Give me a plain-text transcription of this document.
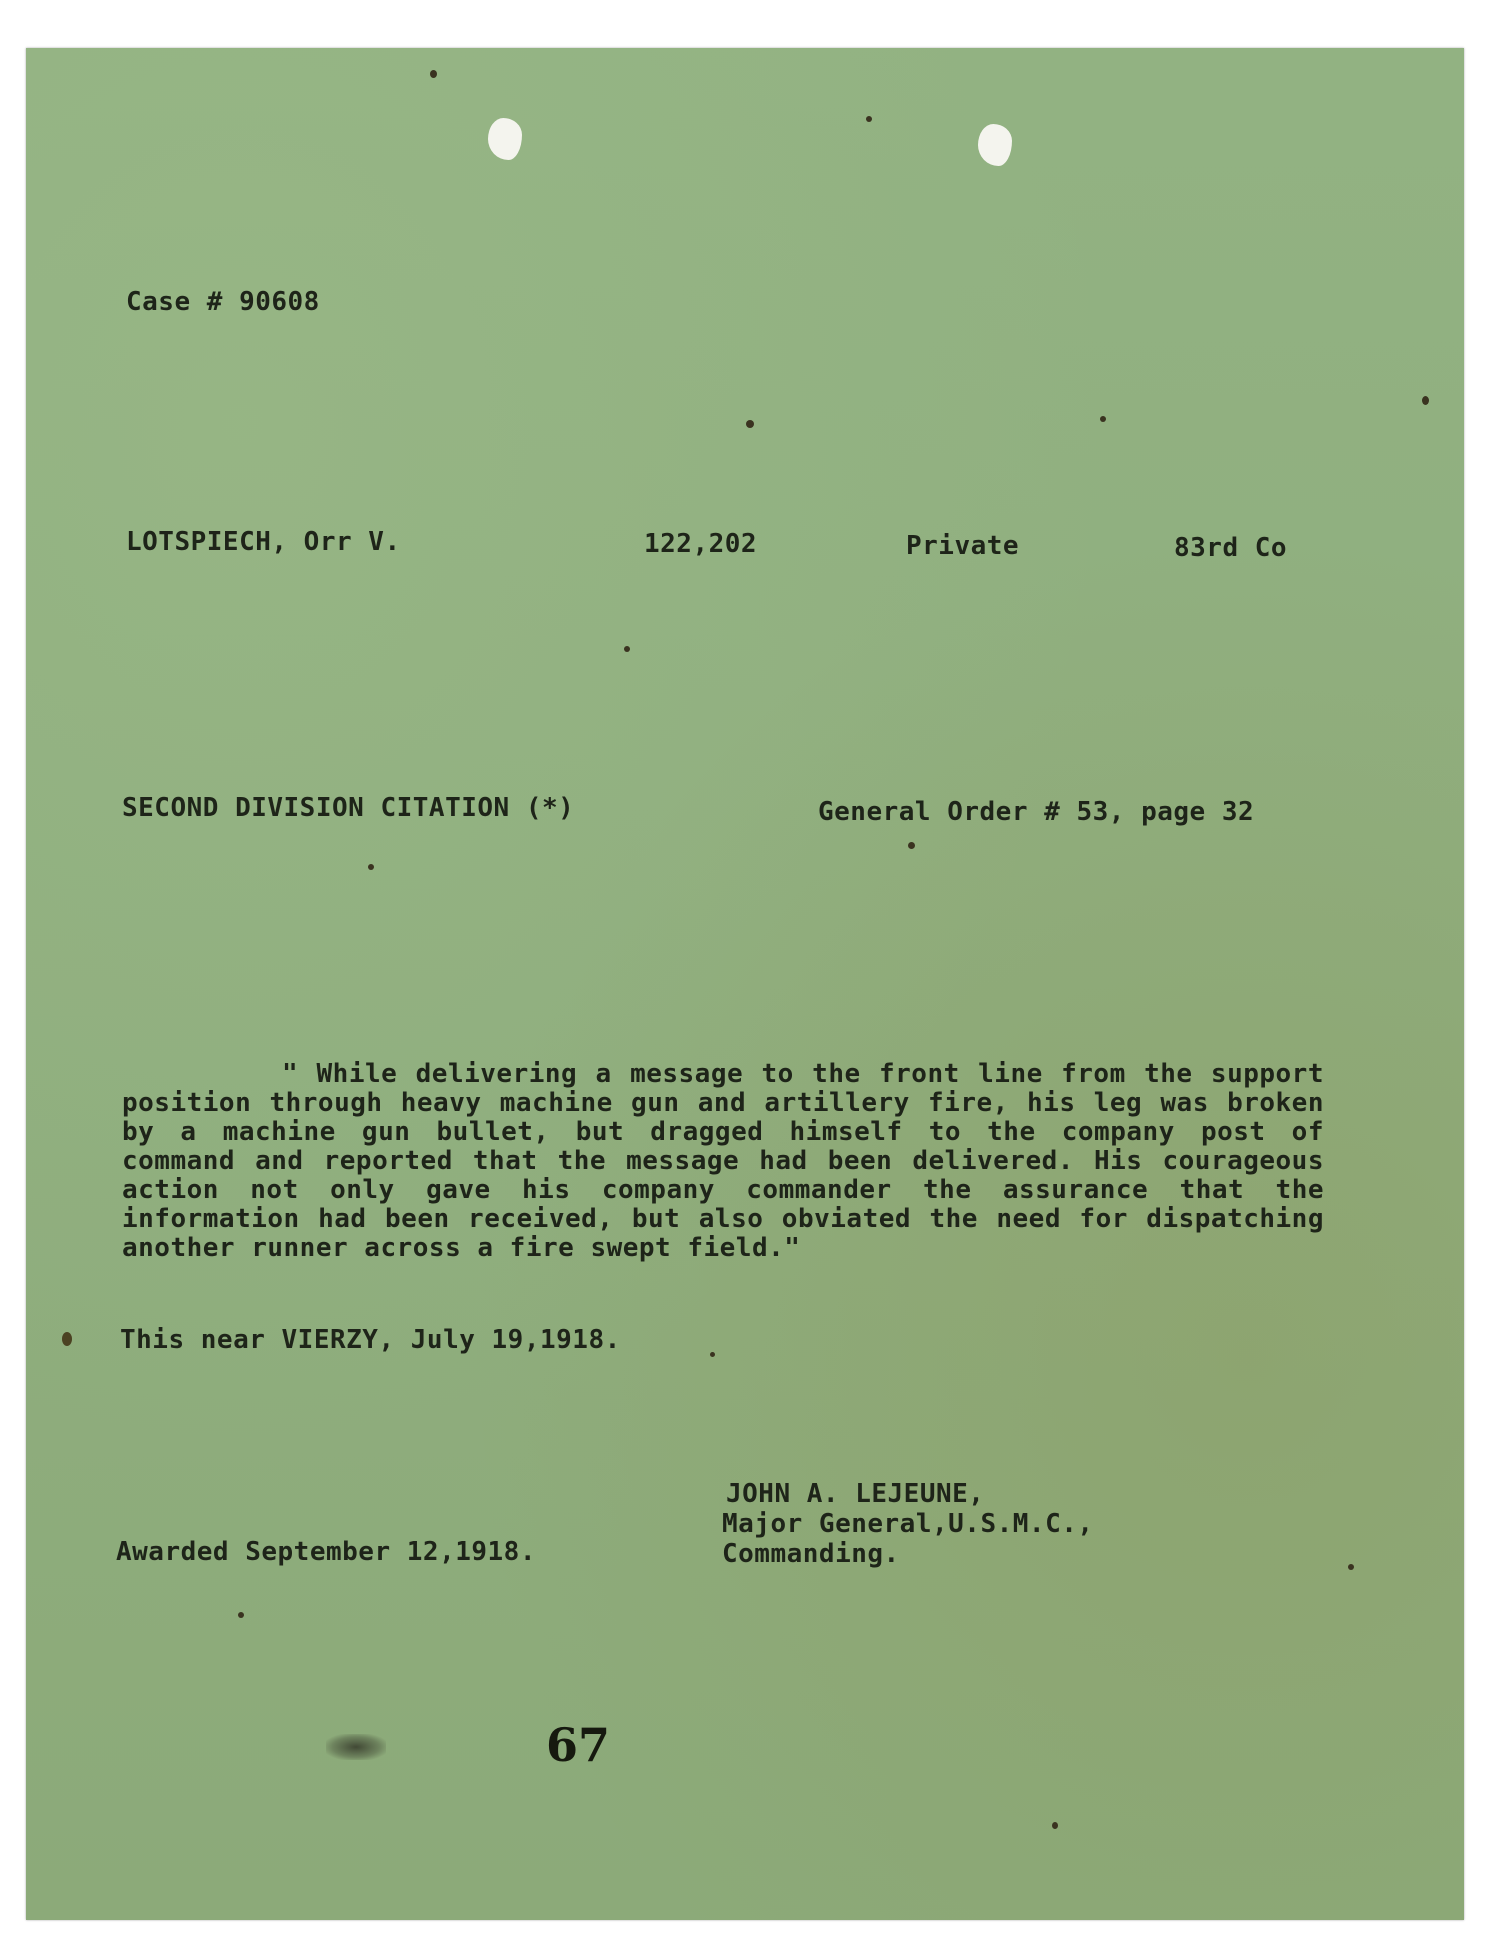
Case # 90608
LOTSPIECH, Orr V.	122,202	Private	83rd Co
SECOND DIVISION CITATION (*)	General Order # 53, page 32

" While delivering a message to the front line from the support position through heavy machine gun and artillery fire, his leg was broken by a machine gun bullet, but dragged himself to the company post of command and reported that the message had been delivered. His courageous action not only gave his company commander the assurance that the information had been received, but also obviated the need for dispatching another runner across a fire swept field."

This near VIERZY, July 19,1918.
JOHN A. LEJEUNE,
Major General,U.S.M.C.,
Commanding.
Awarded September 12,1918.
67
